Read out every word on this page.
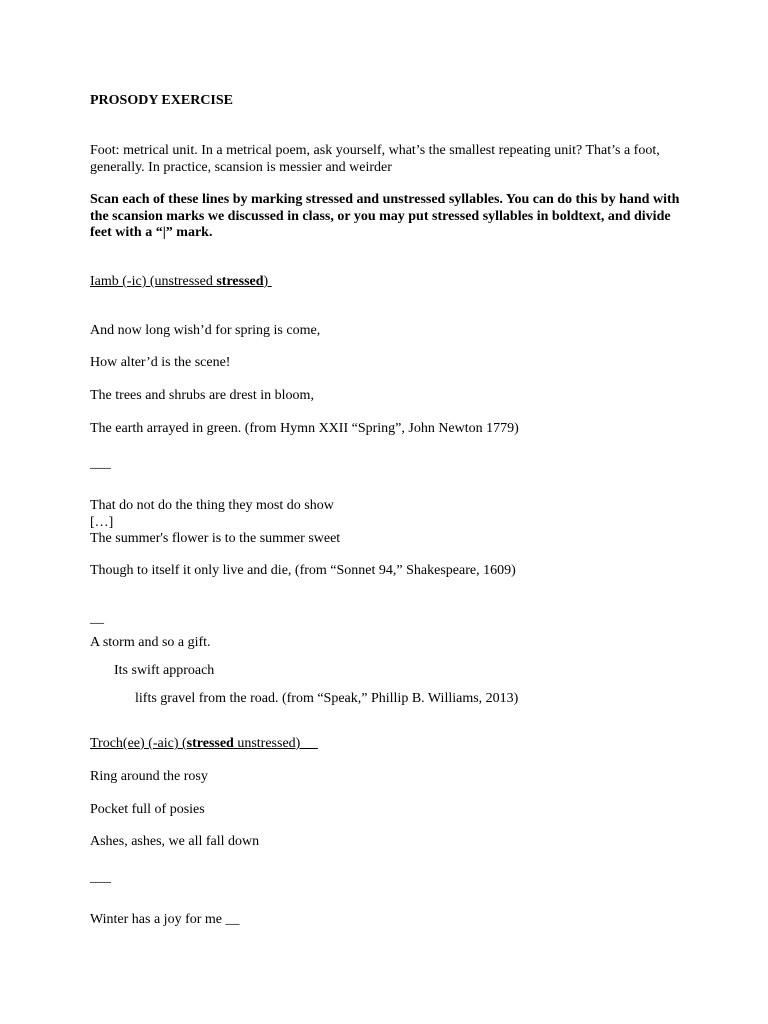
PROSODY EXERCISE
Foot: metrical unit. In a metrical poem, ask yourself, what’s the smallest repeating unit? That’s a foot,
generally. In practice, scansion is messier and weirder
Scan each of these lines by marking stressed and unstressed syllables. You can do this by hand with
the scansion marks we discussed in class, or you may put stressed syllables in boldtext, and divide
feet with a “|” mark.
Iamb (-ic) (unstressed stressed)
And now long wish’d for spring is come,
How alter’d is the scene!
The trees and shrubs are drest in bloom,
The earth arrayed in green. (from Hymn XXII “Spring”, John Newton 1779)
___
That do not do the thing they most do show
[…]
The summer's flower is to the summer sweet
Though to itself it only live and die, (from “Sonnet 94,” Shakespeare, 1609)
__
A storm and so a gift.
Its swift approach
lifts gravel from the road. (from “Speak,” Phillip B. Williams, 2013)
Troch(ee) (-aic) (stressed unstressed)
Ring around the rosy
Pocket full of posies
Ashes, ashes, we all fall down
___
Winter has a joy for me __
